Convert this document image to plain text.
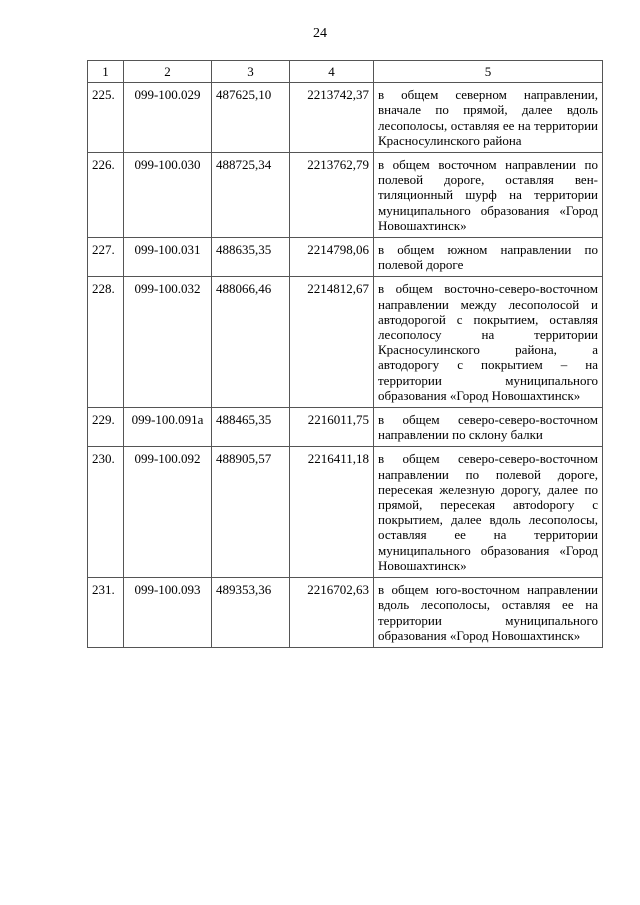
24
1	2	3	4	5
225.	099-100.029	487625,10	2213742,37	в общем северном направлении, вначале по прямой, далее вдоль лесополосы, оставляя ее на территории Красносулинского района
226.	099-100.030	488725,34	2213762,79	в общем восточном направлении по полевой дороге, оставляя вентиляционный шурф на территории муниципального образования «Город Новошахтинск»
227.	099-100.031	488635,35	2214798,06	в общем южном направлении по полевой дороге
228.	099-100.032	488066,46	2214812,67	в общем восточно-северо-восточном направлении между лесополосой и автодорогой с покрытием, оставляя лесополосу на территории Красносулинского района, а автодорогу с покрытием – на территории муниципального образования «Город Новошахтинск»
229.	099-100.091а	488465,35	2216011,75	в общем северо-северо-восточном направлении по склону балки
230.	099-100.092	488905,57	2216411,18	в общем северо-северо-восточном направлении по полевой дороге, пересекая железную дорогу, далее по прямой, пересекая автоdорогу с покрытием, далее вдоль лесополосы, оставляя ее на территории муниципального образования «Город Новошахтинск»
231.	099-100.093	489353,36	2216702,63	в общем юго-восточном направлении вдоль лесополосы, оставляя ее на территории муниципального образования «Город Новошахтинск»
